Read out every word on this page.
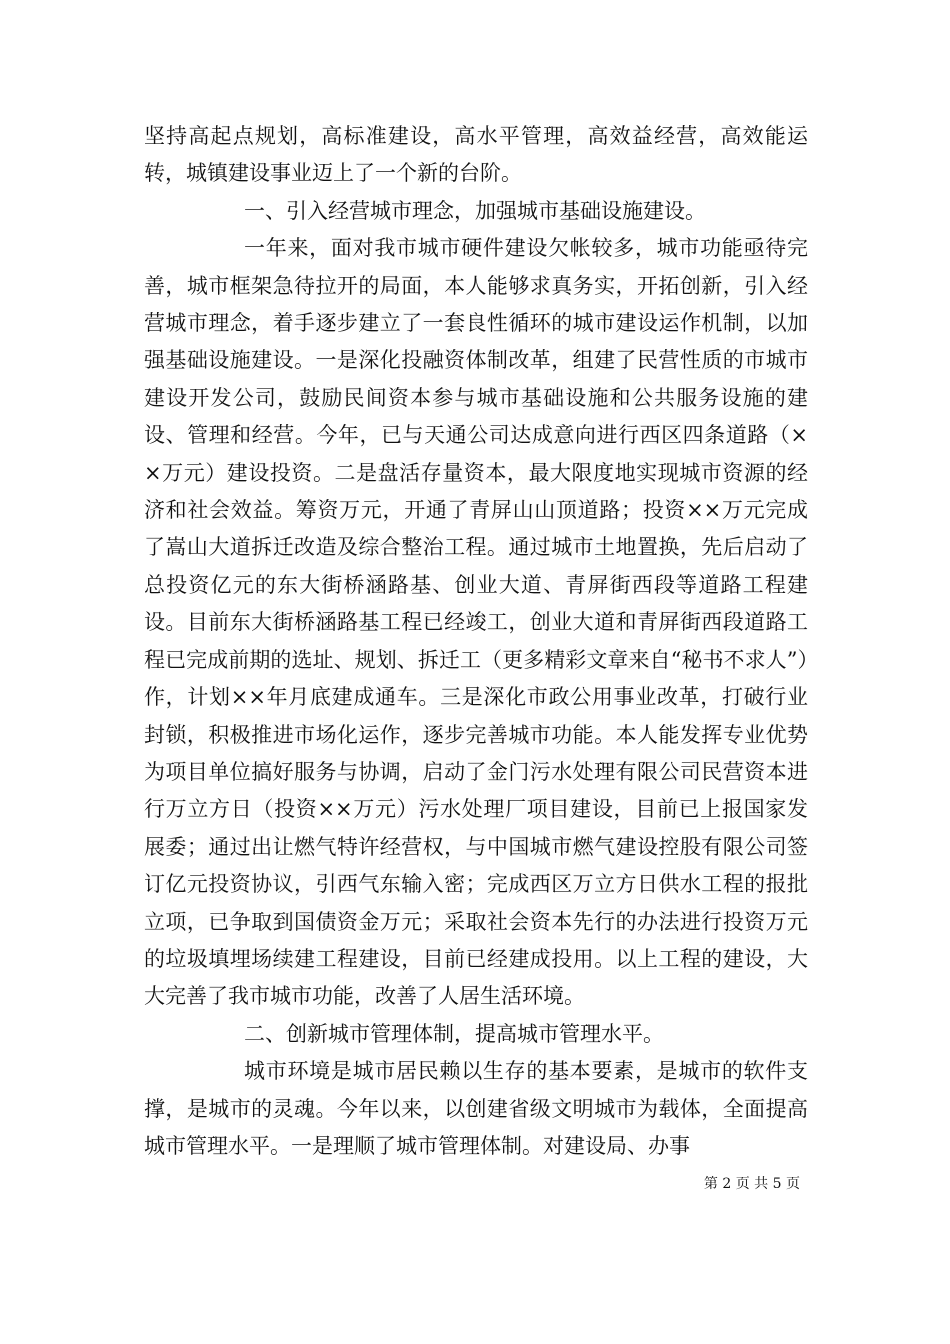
坚持高起点规划，高标准建设，高水平管理，高效益经营，高效能运转，城镇建设事业迈上了一个新的台阶。

一、引入经营城市理念，加强城市基础设施建设。

一年来，面对我市城市硬件建设欠帐较多，城市功能亟待完善，城市框架急待拉开的局面，本人能够求真务实，开拓创新，引入经营城市理念，着手逐步建立了一套良性循环的城市建设运作机制，以加强基础设施建设。一是深化投融资体制改革，组建了民营性质的市城市建设开发公司，鼓励民间资本参与城市基础设施和公共服务设施的建设、管理和经营。今年，已与天通公司达成意向进行西区四条道路（××万元）建设投资。二是盘活存量资本，最大限度地实现城市资源的经济和社会效益。筹资万元，开通了青屏山山顶道路；投资××万元完成了嵩山大道拆迁改造及综合整治工程。通过城市土地置换，先后启动了总投资亿元的东大街桥涵路基、创业大道、青屏街西段等道路工程建设。目前东大街桥涵路基工程已经竣工，创业大道和青屏街西段道路工程已完成前期的选址、规划、拆迁工（更多精彩文章来自“秘书不求人”）作，计划××年月底建成通车。三是深化市政公用事业改革，打破行业封锁，积极推进市场化运作，逐步完善城市功能。本人能发挥专业优势为项目单位搞好服务与协调，启动了金门污水处理有限公司民营资本进行万立方日（投资××万元）污水处理厂项目建设，目前已上报国家发展委；通过出让燃气特许经营权，与中国城市燃气建设控股有限公司签订亿元投资协议，引西气东输入密；完成西区万立方日供水工程的报批立项，已争取到国债资金万元；采取社会资本先行的办法进行投资万元的垃圾填埋场续建工程建设，目前已经建成投用。以上工程的建设，大大完善了我市城市功能，改善了人居生活环境。

二、创新城市管理体制，提高城市管理水平。

城市环境是城市居民赖以生存的基本要素，是城市的软件支撑，是城市的灵魂。今年以来，以创建省级文明城市为载体，全面提高城市管理水平。一是理顺了城市管理体制。对建设局、办事

第 2 页 共 5 页
